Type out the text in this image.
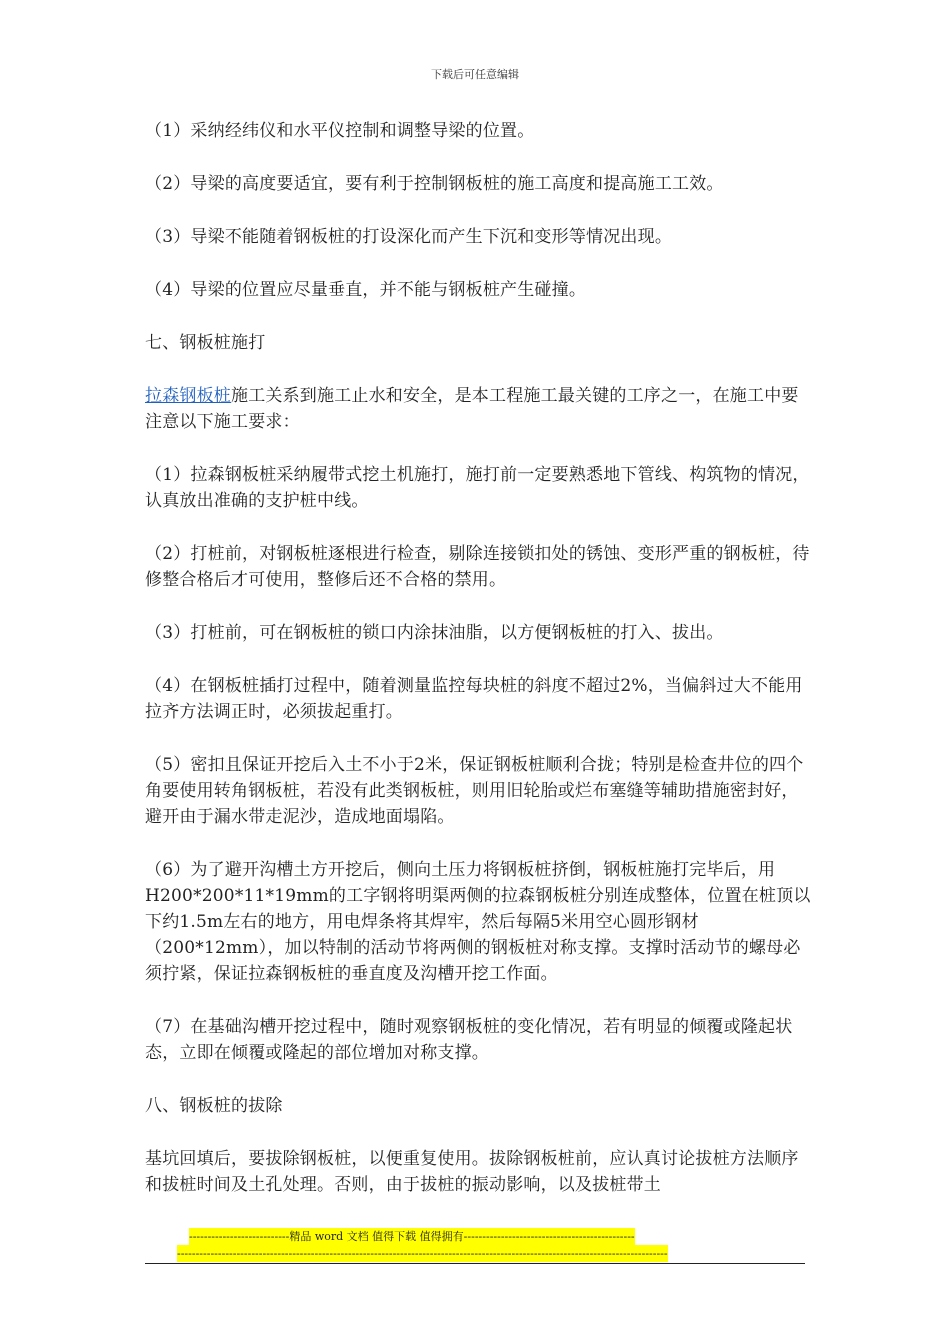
下载后可任意编辑

（1）采纳经纬仪和水平仪控制和调整导梁的位置。

（2）导梁的高度要适宜，要有利于控制钢板桩的施工高度和提高施工工效。

（3）导梁不能随着钢板桩的打设深化而产生下沉和变形等情况出现。

（4）导梁的位置应尽量垂直，并不能与钢板桩产生碰撞。

七、钢板桩施打

拉森钢板桩施工关系到施工止水和安全，是本工程施工最关键的工序之一，在施工中要注意以下施工要求：

（1）拉森钢板桩采纳履带式挖土机施打，施打前一定要熟悉地下管线、构筑物的情况，认真放出准确的支护桩中线。

（2）打桩前，对钢板桩逐根进行检查，剔除连接锁扣处的锈蚀、变形严重的钢板桩，待修整合格后才可使用，整修后还不合格的禁用。

（3）打桩前，可在钢板桩的锁口内涂抹油脂，以方便钢板桩的打入、拔出。

（4）在钢板桩插打过程中，随着测量监控每块桩的斜度不超过2%，当偏斜过大不能用拉齐方法调正时，必须拔起重打。

（5）密扣且保证开挖后入土不小于2米，保证钢板桩顺利合拢；特别是检查井位的四个角要使用转角钢板桩，若没有此类钢板桩，则用旧轮胎或烂布塞缝等辅助措施密封好，避开由于漏水带走泥沙，造成地面塌陷。

（6）为了避开沟槽土方开挖后，侧向土压力将钢板桩挤倒，钢板桩施打完毕后，用H200*200*11*19mm的工字钢将明渠两侧的拉森钢板桩分别连成整体，位置在桩顶以下约1.5m左右的地方，用电焊条将其焊牢，然后每隔5米用空心圆形钢材（200*12mm），加以特制的活动节将两侧的钢板桩对称支撑。支撑时活动节的螺母必须拧紧，保证拉森钢板桩的垂直度及沟槽开挖工作面。

（7）在基础沟槽开挖过程中，随时观察钢板桩的变化情况，若有明显的倾覆或隆起状态，立即在倾覆或隆起的部位增加对称支撑。

八、钢板桩的拔除

基坑回填后，要拔除钢板桩，以便重复使用。拔除钢板桩前，应认真讨论拔桩方法顺序和拔桩时间及土孔处理。否则，由于拔桩的振动影响，以及拔桩带土

---------------------------精品 word 文档 值得下载 值得拥有----------------------------------------------
------------------------------------------------------------------------------------------------------------------------------------
